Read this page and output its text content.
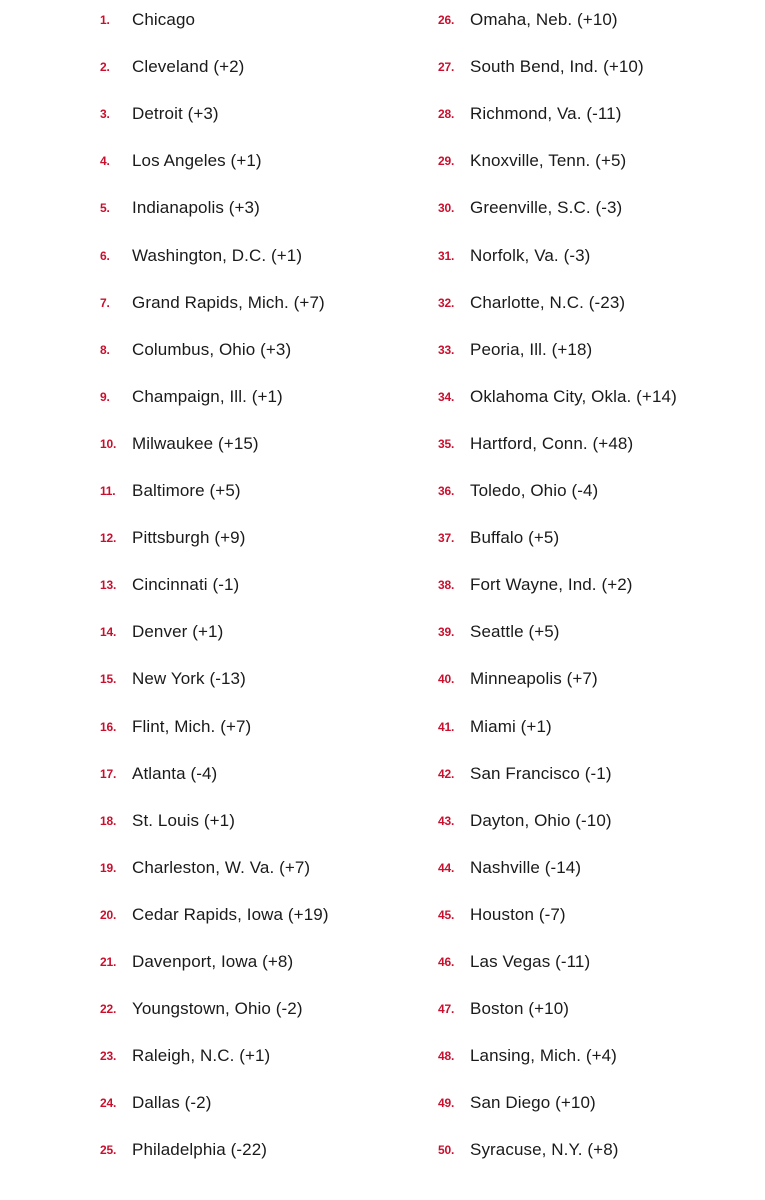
1. Chicago
2. Cleveland (+2)
3. Detroit (+3)
4. Los Angeles (+1)
5. Indianapolis (+3)
6. Washington, D.C. (+1)
7. Grand Rapids, Mich. (+7)
8. Columbus, Ohio (+3)
9. Champaign, Ill. (+1)
10. Milwaukee (+15)
11. Baltimore (+5)
12. Pittsburgh (+9)
13. Cincinnati (-1)
14. Denver (+1)
15. New York (-13)
16. Flint, Mich. (+7)
17. Atlanta (-4)
18. St. Louis (+1)
19. Charleston, W. Va. (+7)
20. Cedar Rapids, Iowa (+19)
21. Davenport, Iowa (+8)
22. Youngstown, Ohio (-2)
23. Raleigh, N.C. (+1)
24. Dallas (-2)
25. Philadelphia (-22)
26. Omaha, Neb. (+10)
27. South Bend, Ind. (+10)
28. Richmond, Va. (-11)
29. Knoxville, Tenn. (+5)
30. Greenville, S.C. (-3)
31. Norfolk, Va. (-3)
32. Charlotte, N.C. (-23)
33. Peoria, Ill. (+18)
34. Oklahoma City, Okla. (+14)
35. Hartford, Conn. (+48)
36. Toledo, Ohio (-4)
37. Buffalo (+5)
38. Fort Wayne, Ind. (+2)
39. Seattle (+5)
40. Minneapolis (+7)
41. Miami (+1)
42. San Francisco (-1)
43. Dayton, Ohio (-10)
44. Nashville (-14)
45. Houston (-7)
46. Las Vegas (-11)
47. Boston (+10)
48. Lansing, Mich. (+4)
49. San Diego (+10)
50. Syracuse, N.Y. (+8)
